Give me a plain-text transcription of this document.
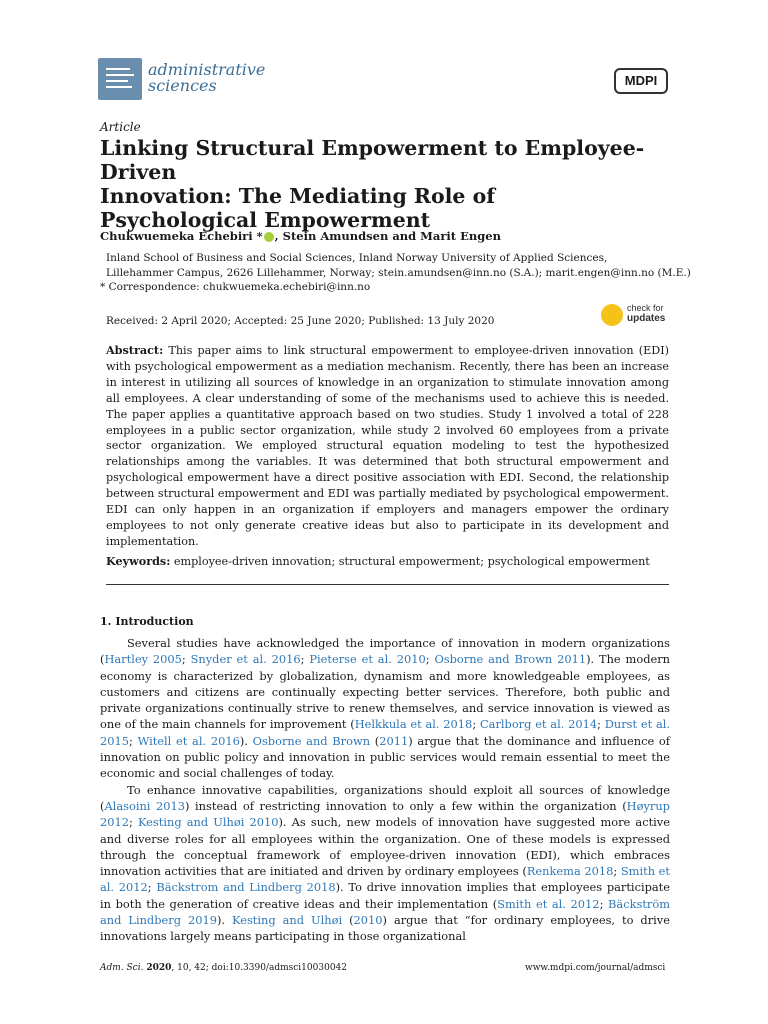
administrative
sciences	MDPI
Article
Linking Structural Empowerment to Employee-Driven
Innovation: The Mediating Role of
Psychological Empowerment
Chukwuemeka Echebiri * , Stein Amundsen and Marit Engen
Inland School of Business and Social Sciences, Inland Norway University of Applied Sciences,
Lillehammer Campus, 2626 Lillehammer, Norway; stein.amundsen@inn.no (S.A.); marit.engen@inn.no (M.E.)
* Correspondence: chukwuemeka.echebiri@inn.no
Received: 2 April 2020; Accepted: 25 June 2020; Published: 13 July 2020
check for
updates
Abstract: This paper aims to link structural empowerment to employee-driven innovation (EDI) with psychological empowerment as a mediation mechanism. Recently, there has been an increase in interest in utilizing all sources of knowledge in an organization to stimulate innovation among all employees. A clear understanding of some of the mechanisms used to achieve this is needed. The paper applies a quantitative approach based on two studies. Study 1 involved a total of 228 employees in a public sector organization, while study 2 involved 60 employees from a private sector organization. We employed structural equation modeling to test the hypothesized relationships among the variables. It was determined that both structural empowerment and psychological empowerment have a direct positive association with EDI. Second, the relationship between structural empowerment and EDI was partially mediated by psychological empowerment. EDI can only happen in an organization if employers and managers empower the ordinary employees to not only generate creative ideas but also to participate in its development and implementation.
Keywords: employee-driven innovation; structural empowerment; psychological empowerment
1. Introduction

Several studies have acknowledged the importance of innovation in modern organizations (Hartley 2005; Snyder et al. 2016; Pieterse et al. 2010; Osborne and Brown 2011). The modern economy is characterized by globalization, dynamism and more knowledgeable employees, as customers and citizens are continually expecting better services. Therefore, both public and private organizations continually strive to renew themselves, and service innovation is viewed as one of the main channels for improvement (Helkkula et al. 2018; Carlborg et al. 2014; Durst et al. 2015; Witell et al. 2016). Osborne and Brown (2011) argue that the dominance and influence of innovation on public policy and innovation in public services would remain essential to meet the economic and social challenges of today.

To enhance innovative capabilities, organizations should exploit all sources of knowledge (Alasoini 2013) instead of restricting innovation to only a few within the organization (Høyrup 2012; Kesting and Ulhøi 2010). As such, new models of innovation have suggested more active and diverse roles for all employees within the organization. One of these models is expressed through the conceptual framework of employee-driven innovation (EDI), which embraces innovation activities that are initiated and driven by ordinary employees (Renkema 2018; Smith et al. 2012; Bäckstrom and Lindberg 2018). To drive innovation implies that employees participate in both the generation of creative ideas and their implementation (Smith et al. 2012; Bäckström and Lindberg 2019). Kesting and Ulhøi (2010) argue that “for ordinary employees, to drive innovations largely means participating in those organizational

Adm. Sci. 2020, 10, 42; doi:10.3390/admsci10030042	www.mdpi.com/journal/admsci
